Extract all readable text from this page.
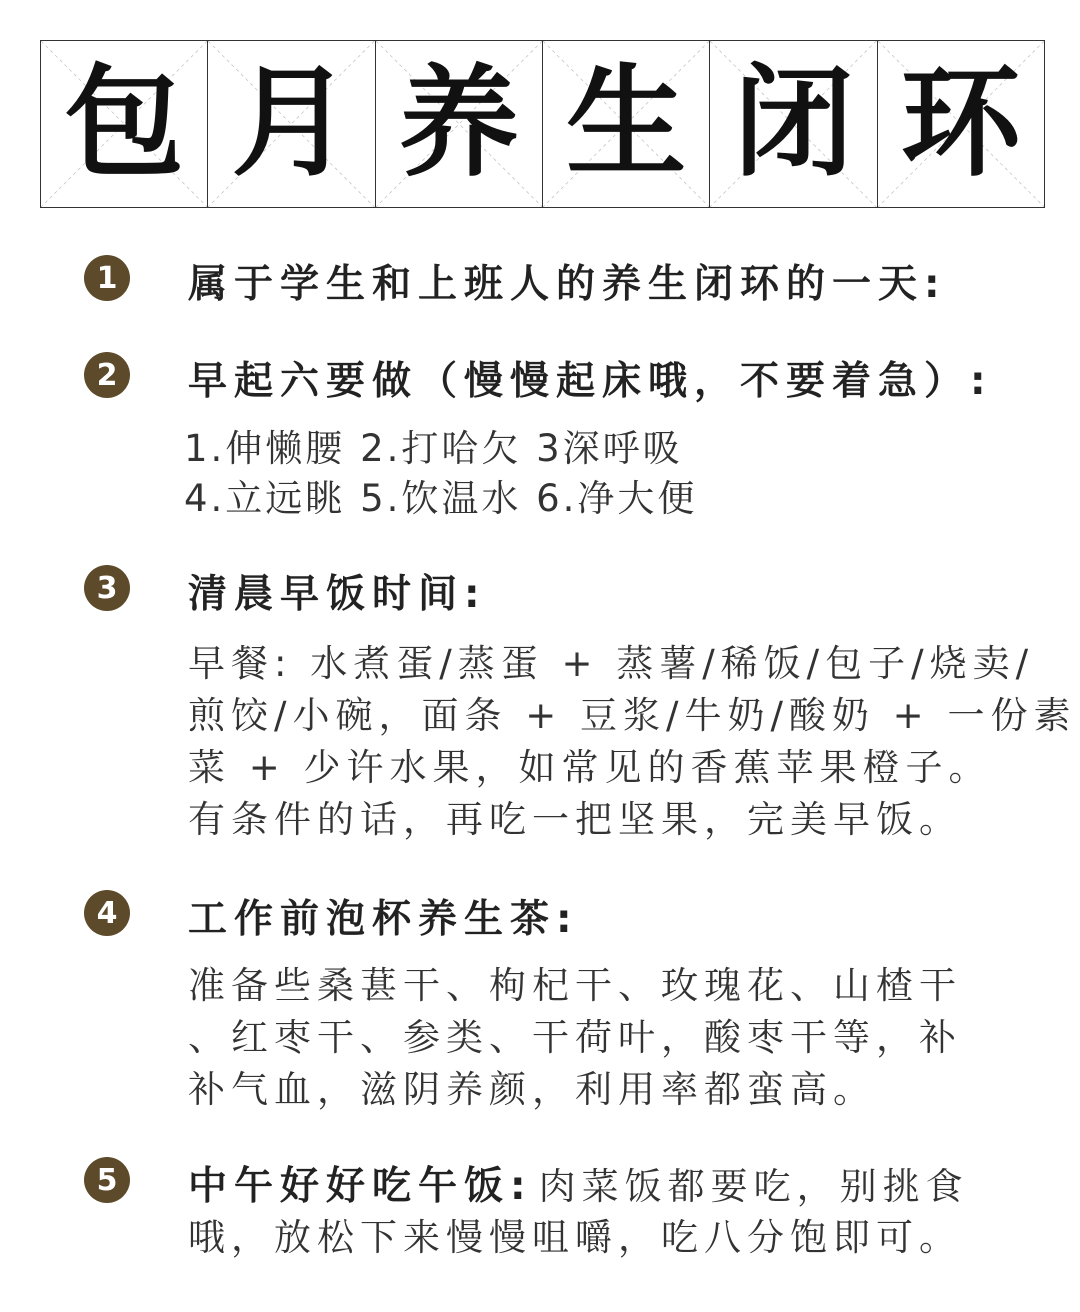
包 月 养 生 闭 环
1	属于学生和上班人的养生闭环的一天:
2	早起六要做（慢慢起床哦，不要着急）:
1.伸懒腰 2.打哈欠 3深呼吸
4.立远眺 5.饮温水 6.净大便
3	清晨早饭时间:
早餐: 水煮蛋/蒸蛋 + 蒸薯/稀饭/包子/烧卖/
煎饺/小碗，面条 + 豆浆/牛奶/酸奶 + 一份素
菜 + 少许水果，如常见的香蕉苹果橙子。
有条件的话，再吃一把坚果，完美早饭。
4	工作前泡杯养生茶:
准备些桑葚干、枸杞干、玫瑰花、山楂干
、红枣干、参类、干荷叶，酸枣干等，补
补气血，滋阴养颜，利用率都蛮高。
5	中午好好吃午饭: 肉菜饭都要吃，别挑食
哦，放松下来慢慢咀嚼，吃八分饱即可。
